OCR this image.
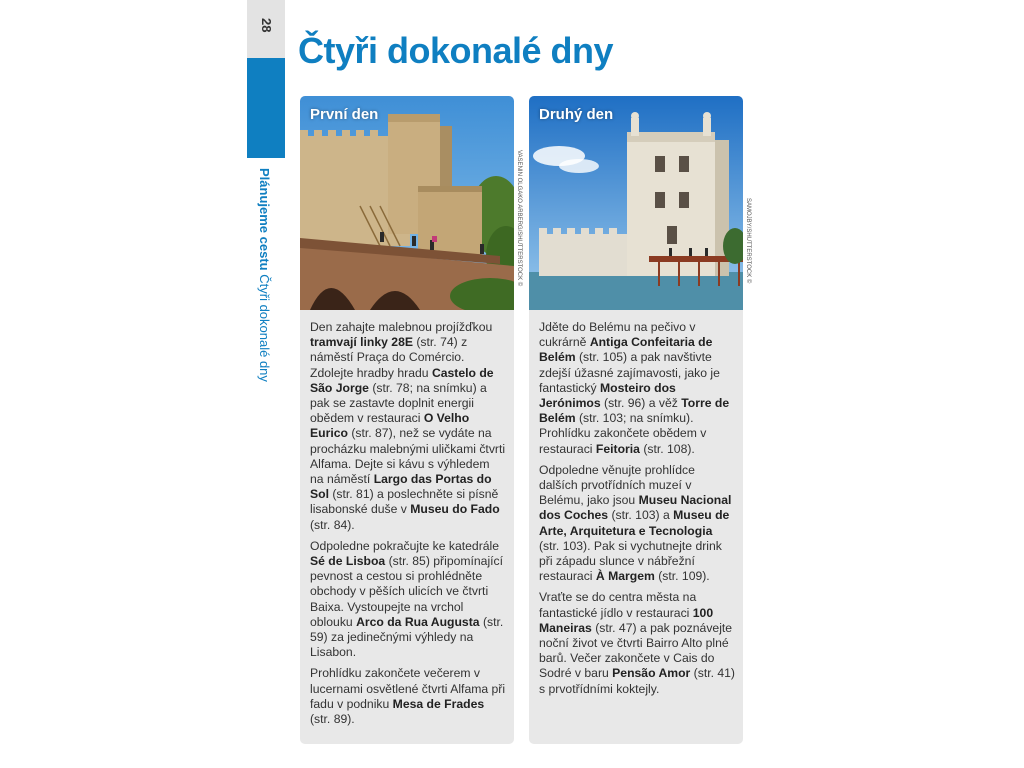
28
Plánujeme cestu Čtyři dokonalé dny
Čtyři dokonalé dny
První den

Den zahajte malebnou projížďkou tramvají linky 28E (str. 74) z náměstí Praça do Comércio. Zdolejte hradby hradu Castelo de São Jorge (str. 78; na snímku) a pak se zastavte doplnit energii obědem v restauraci O Velho Eurico (str. 87), než se vydáte na procházku malebnými uličkami čtvrti Alfama. Dejte si kávu s výhledem na náměstí Largo das Portas do Sol (str. 81) a poslechněte si písně lisabonské duše v Museu do Fado (str. 84).

Odpoledne pokračujte ke katedrále Sé de Lisboa (str. 85) připomínající pevnost a cestou si prohlédněte obchody v pěších ulicích ve čtvrti Baixa. Vystoupejte na vrchol oblouku Arco da Rua Augusta (str. 59) za jedinečnými výhledy na Lisabon.

Prohlídku zakončete večerem v lucernami osvětlené čtvrti Alfama při fadu v podniku Mesa de Frades (str. 89).

VASENIN OLGAKO ARBERG/SHUTTERSTOCK ©
Druhý den

Jděte do Belému na pečivo v cukrárně Antiga Confeitaria de Belém (str. 105) a pak navštivte zdejší úžasné zajímavosti, jako je fantastický Mosteiro dos Jerónimos (str. 96) a věž Torre de Belém (str. 103; na snímku). Prohlídku zakončete obědem v restauraci Feitoria (str. 108).

Odpoledne věnujte prohlídce dalších prvotřídních muzeí v Belému, jako jsou Museu Nacional dos Coches (str. 103) a Museu de Arte, Arquitetura e Tecnologia (str. 103). Pak si vychutnejte drink při západu slunce v nábřežní restauraci À Margem (str. 109).

Vraťte se do centra města na fantastické jídlo v restauraci 100 Maneiras (str. 47) a pak poznávejte noční život ve čtvrti Bairro Alto plné barů. Večer zakončete v Cais do Sodré v baru Pensão Amor (str. 41) s prvotřídními koktejly.

SAMOJBY/SHUTTERSTOCK ©
